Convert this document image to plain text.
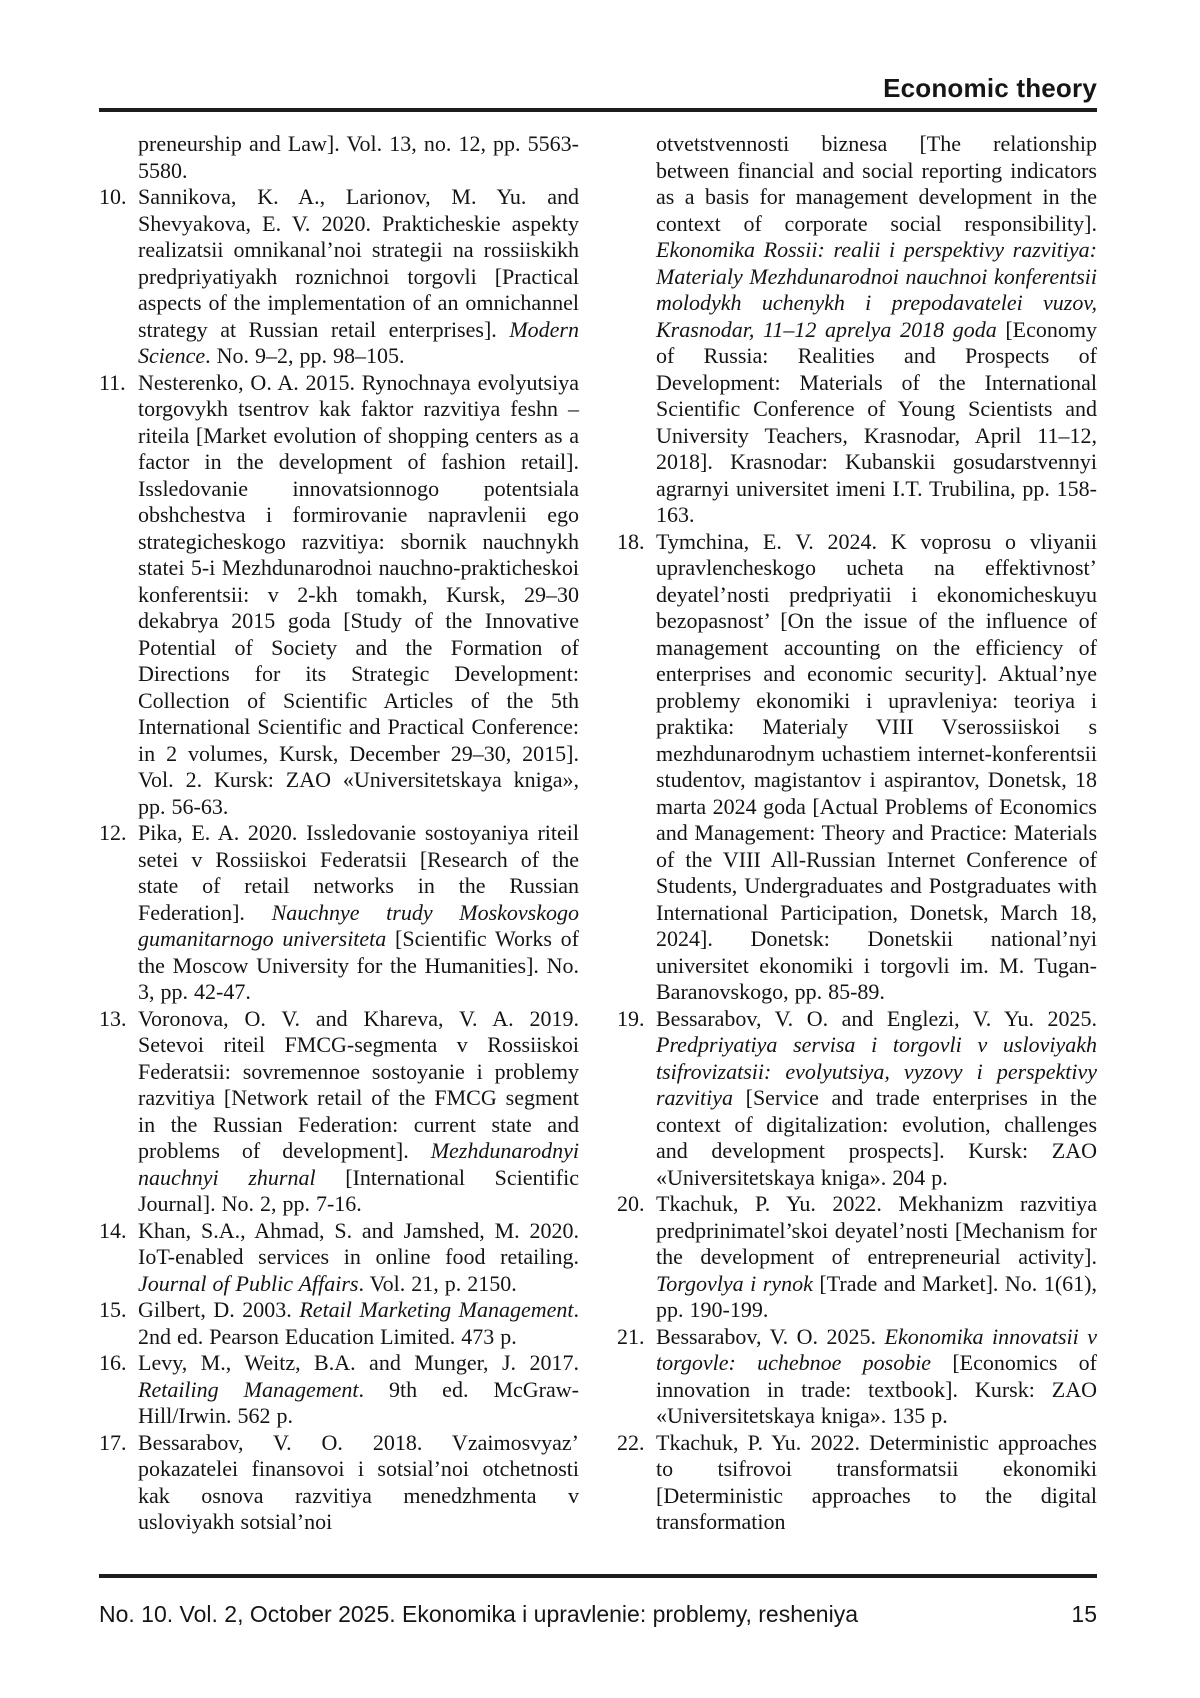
Economic theory
preneurship and Law]. Vol. 13, no. 12, pp. 5563-5580.
10. Sannikova, K. A., Larionov, M. Yu. and Shevyakova, E. V. 2020. Prakticheskie aspekty realizatsii omnikanal’noi strategii na rossiiskikh predpriyatiyakh roznichnoi torgovli [Practical aspects of the implementation of an omnichannel strategy at Russian retail enterprises]. Modern Science. No. 9–2, pp. 98–105.
11. Nesterenko, O. A. 2015. Rynochnaya evolyutsiya torgovykh tsentrov kak faktor razvitiya feshn – riteila [Market evolution of shopping centers as a factor in the development of fashion retail]. Issledovanie innovatsionnogo potentsiala obshchestva i formirovanie napravlenii ego strategicheskogo razvitiya: sbornik nauchnykh statei 5-i Mezhdunarodnoi nauchno-prakticheskoi konferentsii: v 2-kh tomakh, Kursk, 29–30 dekabrya 2015 goda [Study of the Innovative Potential of Society and the Formation of Directions for its Strategic Development: Collection of Scientific Articles of the 5th International Scientific and Practical Conference: in 2 volumes, Kursk, December 29–30, 2015]. Vol. 2. Kursk: ZAO «Universitetskaya kniga», pp. 56-63.
12. Pika, E. A. 2020. Issledovanie sostoyaniya riteil setei v Rossiiskoi Federatsii [Research of the state of retail networks in the Russian Federation]. Nauchnye trudy Moskovskogo gumanitarnogo universiteta [Scientific Works of the Moscow University for the Humanities]. No. 3, pp. 42-47.
13. Voronova, O. V. and Khareva, V. A. 2019. Setevoi riteil FMCG-segmenta v Rossiiskoi Federatsii: sovremennoe sostoyanie i problemy razvitiya [Network retail of the FMCG segment in the Russian Federation: current state and problems of development]. Mezhdunarodnyi nauchnyi zhurnal [International Scientific Journal]. No. 2, pp. 7-16.
14. Khan, S.A., Ahmad, S. and Jamshed, M. 2020. IoT-enabled services in online food retailing. Journal of Public Affairs. Vol. 21, p. 2150.
15. Gilbert, D. 2003. Retail Marketing Management. 2nd ed. Pearson Education Limited. 473 p.
16. Levy, M., Weitz, B.A. and Munger, J. 2017. Retailing Management. 9th ed. McGraw-Hill/Irwin. 562 p.
17. Bessarabov, V. O. 2018. Vzaimosvyaz’ pokazatelei finansovoi i sotsial’noi otchetnosti kak osnova razvitiya menedzhmenta v usloviyakh sotsial’noi
otvetstvennosti biznesa [The relationship between financial and social reporting indicators as a basis for management development in the context of corporate social responsibility]. Ekonomika Rossii: realii i perspektivy razvitiya: Materialy Mezhdunarodnoi nauchnoi konferentsii molodykh uchenykh i prepodavatelei vuzov, Krasnodar, 11–12 aprelya 2018 goda [Economy of Russia: Realities and Prospects of Development: Materials of the International Scientific Conference of Young Scientists and University Teachers, Krasnodar, April 11–12, 2018]. Krasnodar: Kubanskii gosudarstvennyi agrarnyi universitet imeni I.T. Trubilina, pp. 158-163.
18. Tymchina, E. V. 2024. K voprosu o vliyanii upravlencheskogo ucheta na effektivnost’ deyatel’nosti predpriyatii i ekonomicheskuyu bezopasnost’ [On the issue of the influence of management accounting on the efficiency of enterprises and economic security]. Aktual’nye problemy ekonomiki i upravleniya: teoriya i praktika: Materialy VIII Vserossiiskoi s mezhdunarodnym uchastiem internet-konferentsii studentov, magistantov i aspirantov, Donetsk, 18 marta 2024 goda [Actual Problems of Economics and Management: Theory and Practice: Materials of the VIII All-Russian Internet Conference of Students, Undergraduates and Postgraduates with International Participation, Donetsk, March 18, 2024]. Donetsk: Donetskii national’nyi universitet ekonomiki i torgovli im. M. Tugan-Baranovskogo, pp. 85-89.
19. Bessarabov, V. O. and Englezi, V. Yu. 2025. Predpriyatiya servisa i torgovli v usloviyakh tsifrovizatsii: evolyutsiya, vyzovy i perspektivy razvitiya [Service and trade enterprises in the context of digitalization: evolution, challenges and development prospects]. Kursk: ZAO «Universitetskaya kniga». 204 p.
20. Tkachuk, P. Yu. 2022. Mekhanizm razvitiya predprinimatel’skoi deyatel’nosti [Mechanism for the development of entrepreneurial activity]. Torgovlya i rynok [Trade and Market]. No. 1(61), pp. 190-199.
21. Bessarabov, V. O. 2025. Ekonomika innovatsii v torgovle: uchebnoe posobie [Economics of innovation in trade: textbook]. Kursk: ZAO «Universitetskaya kniga». 135 p.
22. Tkachuk, P. Yu. 2022. Deterministic approaches to tsifrovoi transformatsii ekonomiki [Deterministic approaches to the digital transformation
No. 10. Vol. 2, October 2025. Ekonomika i upravlenie: problemy, resheniya	15
